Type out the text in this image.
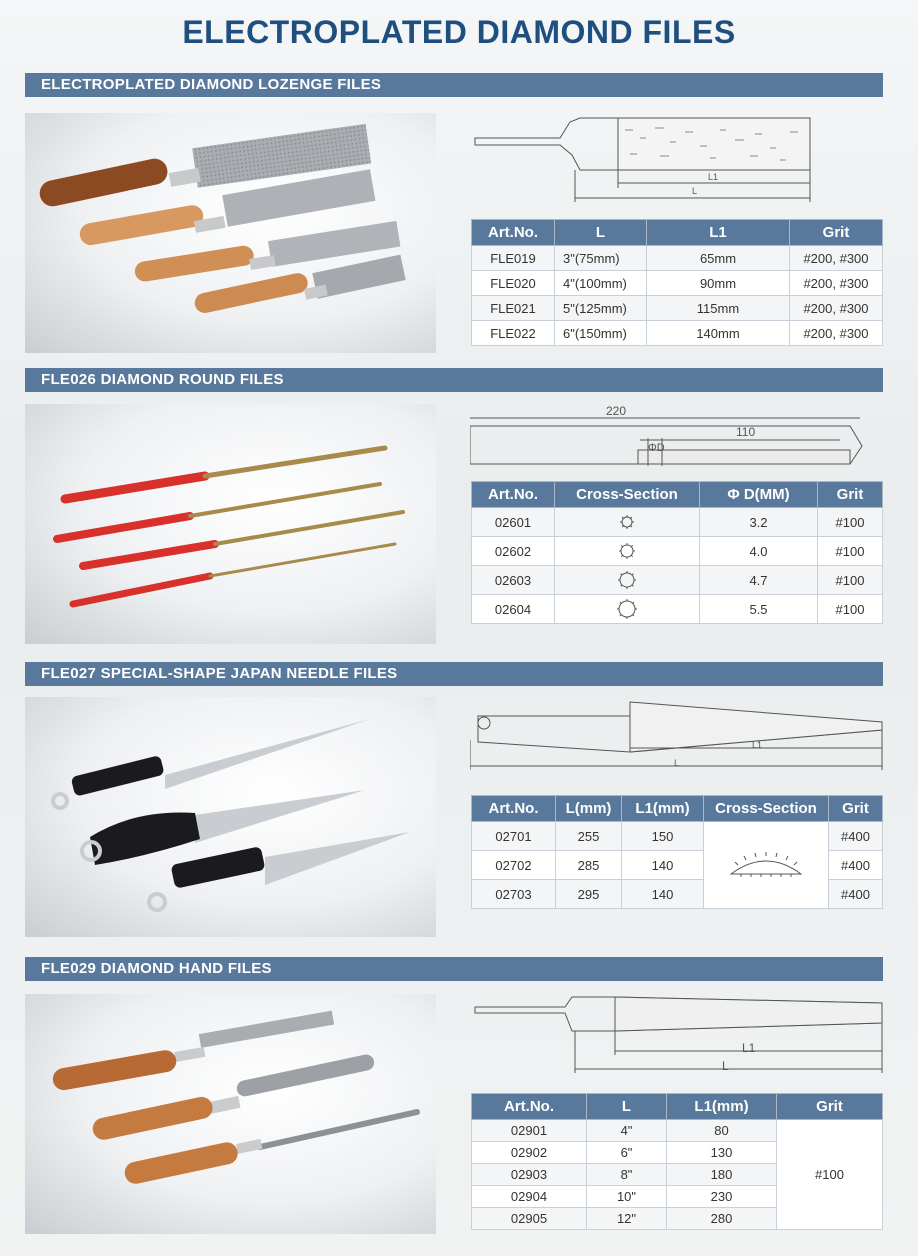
ELECTROPLATED DIAMOND FILES
ELECTROPLATED DIAMOND LOZENGE FILES
L1
L
Art.No.	L	L1	Grit
FLE019	3"(75mm)	65mm	#200, #300
FLE020	4"(100mm)	90mm	#200, #300
FLE021	5"(125mm)	115mm	#200, #300
FLE022	6"(150mm)	140mm	#200, #300
FLE026 DIAMOND ROUND FILES
220
110
ΦD
Art.No.	Cross-Section	Φ D(MM)	Grit
02601		3.2	#100
02602		4.0	#100
02603		4.7	#100
02604		5.5	#100
FLE027 SPECIAL-SHAPE JAPAN NEEDLE FILES
L1
L
Art.No.	L(mm)	L1(mm)	Cross-Section	Grit
02701	255	150		#400
02702	285	140		#400
02703	295	140		#400
FLE029 DIAMOND HAND FILES
L1
L
Art.No.	L	L1(mm)	Grit
02901	4"	80	#100
02902	6"	130	
02903	8"	180	
02904	10"	230	
02905	12"	280	
